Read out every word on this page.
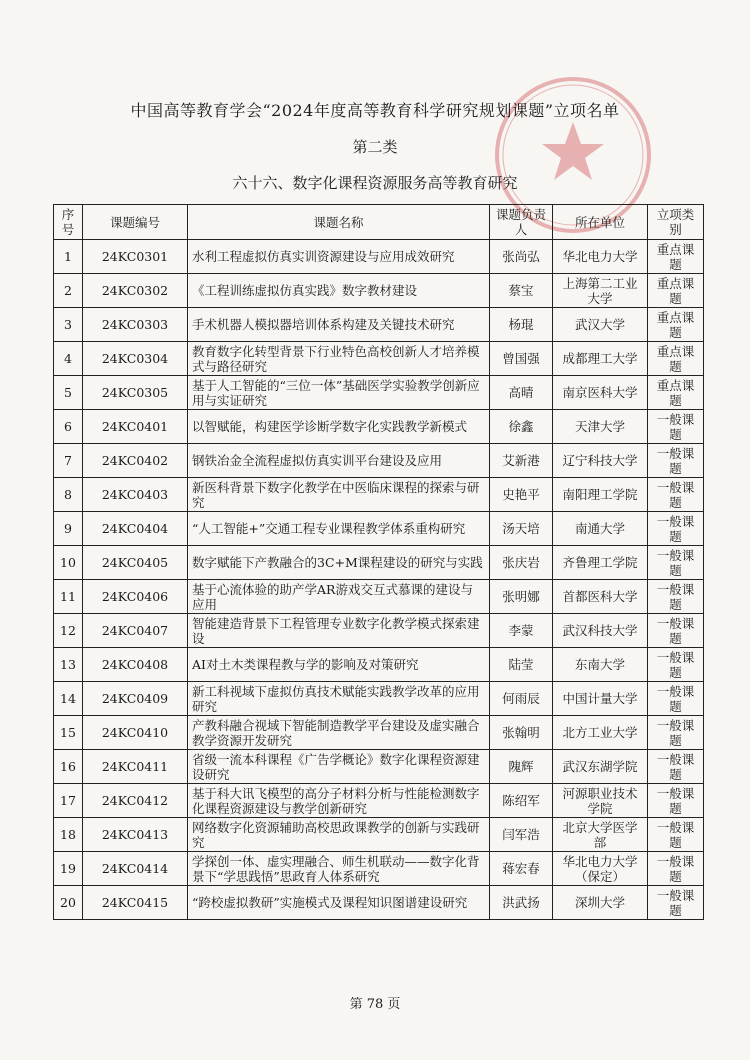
中国高等教育学会“2024年度高等教育科学研究规划课题”立项名单
第二类
六十六、数字化课程资源服务高等教育研究
序号	课题编号	课题名称	课题负责人	所在单位	立项类别
1	24KC0301	水利工程虚拟仿真实训资源建设与应用成效研究	张尚弘	华北电力大学	重点课题
2	24KC0302	《工程训练虚拟仿真实践》数字教材建设	蔡宝	上海第二工业大学	重点课题
3	24KC0303	手术机器人模拟器培训体系构建及关键技术研究	杨琨	武汉大学	重点课题
4	24KC0304	教育数字化转型背景下行业特色高校创新人才培养模式与路径研究	曾国强	成都理工大学	重点课题
5	24KC0305	基于人工智能的“三位一体”基础医学实验教学创新应用与实证研究	高晴	南京医科大学	重点课题
6	24KC0401	以智赋能，构建医学诊断学数字化实践教学新模式	徐鑫	天津大学	一般课题
7	24KC0402	钢铁冶金全流程虚拟仿真实训平台建设及应用	艾新港	辽宁科技大学	一般课题
8	24KC0403	新医科背景下数字化教学在中医临床课程的探索与研究	史艳平	南阳理工学院	一般课题
9	24KC0404	“人工智能+”交通工程专业课程教学体系重构研究	汤天培	南通大学	一般课题
10	24KC0405	数字赋能下产教融合的3C+M课程建设的研究与实践	张庆岩	齐鲁理工学院	一般课题
11	24KC0406	基于心流体验的助产学AR游戏交互式慕课的建设与应用	张明娜	首都医科大学	一般课题
12	24KC0407	智能建造背景下工程管理专业数字化教学模式探索建设	李蒙	武汉科技大学	一般课题
13	24KC0408	AI对土木类课程教与学的影响及对策研究	陆莹	东南大学	一般课题
14	24KC0409	新工科视域下虚拟仿真技术赋能实践教学改革的应用研究	何雨辰	中国计量大学	一般课题
15	24KC0410	产教科融合视域下智能制造教学平台建设及虚实融合教学资源开发研究	张翰明	北方工业大学	一般课题
16	24KC0411	省级一流本科课程《广告学概论》数字化课程资源建设研究	隗辉	武汉东湖学院	一般课题
17	24KC0412	基于科大讯飞模型的高分子材料分析与性能检测数字化课程资源建设与教学创新研究	陈绍军	河源职业技术学院	一般课题
18	24KC0413	网络数字化资源辅助高校思政课教学的创新与实践研究	闫军浩	北京大学医学部	一般课题
19	24KC0414	学探创一体、虚实理融合、师生机联动——数字化背景下“学思践悟”思政育人体系研究	蒋宏春	华北电力大学（保定）	一般课题
20	24KC0415	“跨校虚拟教研”实施模式及课程知识图谱建设研究	洪武扬	深圳大学	一般课题
第 78 页
